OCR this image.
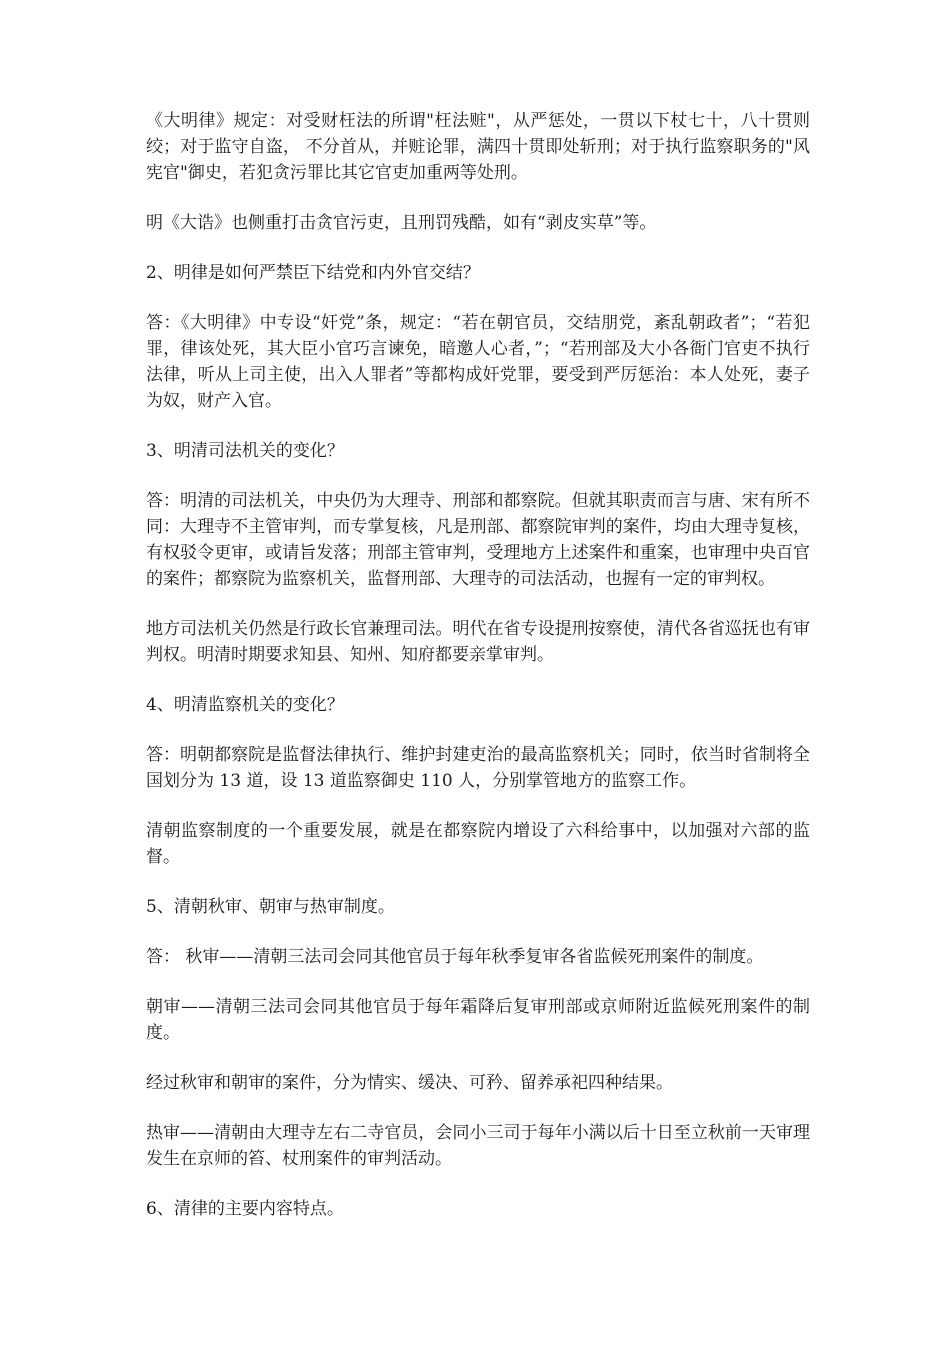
《大明律》规定：对受财枉法的所谓"枉法赃"，从严惩处，一贯以下杖七十，八十贯则绞；对于监守自盗， 不分首从，并赃论罪，满四十贯即处斩刑；对于执行监察职务的"风宪官"御史，若犯贪污罪比其它官吏加重两等处刑。

明《大诰》也侧重打击贪官污吏，且刑罚残酷，如有“剥皮实草”等。

2、明律是如何严禁臣下结党和内外官交结？

答：《大明律》中专设“奸党”条，规定：“若在朝官员，交结朋党，紊乱朝政者”；“若犯罪，律该处死，其大臣小官巧言谏免，暗邀人心者，”；“若刑部及大小各衙门官吏不执行法律，听从上司主使，出入人罪者”等都构成奸党罪，要受到严厉惩治：本人处死，妻子为奴，财产入官。

3、明清司法机关的变化？

答：明清的司法机关，中央仍为大理寺、刑部和都察院。但就其职责而言与唐、宋有所不同：大理寺不主管审判，而专掌复核，凡是刑部、都察院审判的案件，均由大理寺复核，有权驳令更审，或请旨发落；刑部主管审判，受理地方上述案件和重案，也审理中央百官的案件；都察院为监察机关，监督刑部、大理寺的司法活动，也握有一定的审判权。

地方司法机关仍然是行政长官兼理司法。明代在省专设提刑按察使，清代各省巡抚也有审判权。明清时期要求知县、知州、知府都要亲掌审判。

4、明清监察机关的变化？

答：明朝都察院是监督法律执行、维护封建吏治的最高监察机关；同时，依当时省制将全国划分为 13 道，设 13 道监察御史 110 人，分别掌管地方的监察工作。

清朝监察制度的一个重要发展，就是在都察院内增设了六科给事中，以加强对六部的监督。

5、清朝秋审、朝审与热审制度。

答： 秋审——清朝三法司会同其他官员于每年秋季复审各省监候死刑案件的制度。

朝审——清朝三法司会同其他官员于每年霜降后复审刑部或京师附近监候死刑案件的制度。

经过秋审和朝审的案件，分为情实、缓决、可矜、留养承祀四种结果。

热审——清朝由大理寺左右二寺官员，会同小三司于每年小满以后十日至立秋前一天审理发生在京师的笞、杖刑案件的审判活动。

6、清律的主要内容特点。
